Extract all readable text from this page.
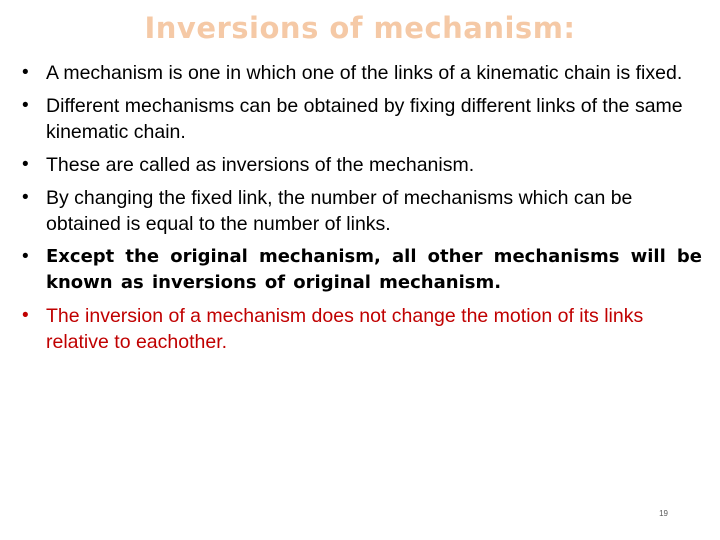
Inversions of mechanism:
• A mechanism is one in which one of the links of a kinematic chain is fixed.
• Different mechanisms can be obtained by fixing different links of the same kinematic chain.
• These are called as inversions of the mechanism.
• By changing the fixed link, the number of mechanisms which can be obtained is equal to the number of links.
• Except the original mechanism, all other mechanisms will be known as inversions of original mechanism.
• The inversion of a mechanism does not change the motion of its links relative to eachother.
19
